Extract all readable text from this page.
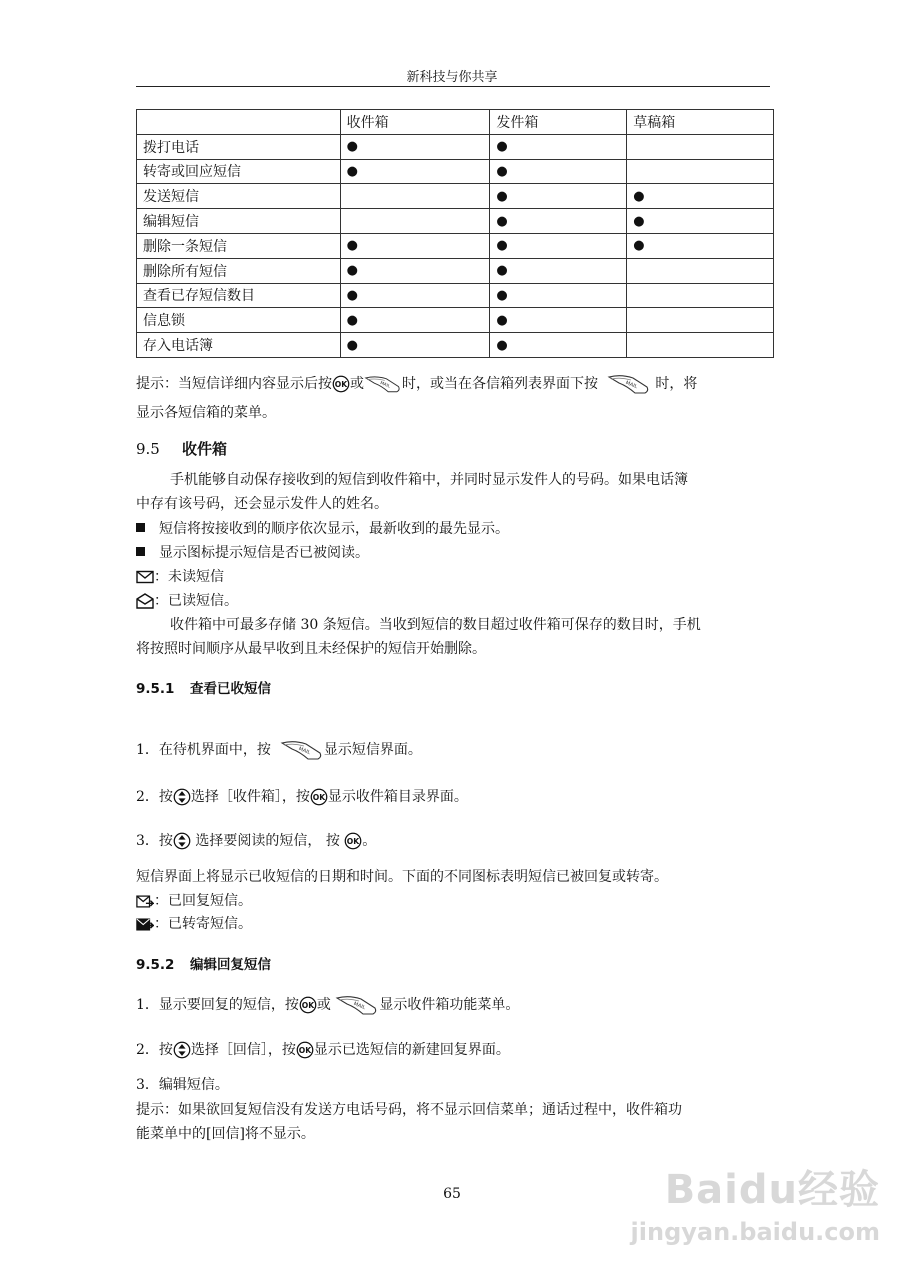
新科技与你共享
	收件箱	发件箱	草稿箱
拨打电话	●	●	
转寄或回应短信	●	●	
发送短信		●	●
编辑短信		●	●
删除一条短信	●	●	●
删除所有短信	●	●	
查看已存短信数目	●	●	
信息锁	●	●	
存入电话簿	●	●	
提示：当短信详细内容显示后按 或	时，或当在各信箱列表界面下按	时，将
显示各短信箱的菜单。
9.5 收件箱
手机能够自动保存接收到的短信到收件箱中，并同时显示发件人的号码。如果电话簿
中存有该号码，还会显示发件人的姓名。
短信将按接收到的顺序依次显示，最新收到的最先显示。
显示图标提示短信是否已被阅读。
：未读短信
：已读短信。
收件箱中可最多存储 30 条短信。当收到短信的数目超过收件箱可保存的数目时，手机
将按照时间顺序从最早收到且未经保护的短信开始删除。
9.5.1 查看已收短信
1．在待机界面中，按	显示短信界面。
2．按 选择［收件箱］，按 显示收件箱目录界面。
3．按 选择要阅读的短信， 按 。
短信界面上将显示已收短信的日期和时间。下面的不同图标表明短信已被回复或转寄。
：已回复短信。
：已转寄短信。
9.5.2 编辑回复短信
1．显示要回复的短信，按 或	显示收件箱功能菜单。
2．按 选择［回信］，按 显示已选短信的新建回复界面。
3．编辑短信。
提示：如果欲回复短信没有发送方电话号码，将不显示回信菜单；通话过程中，收件箱功
能菜单中的[回信]将不显示。
65	Baidu经验
jingyan.baidu.com
